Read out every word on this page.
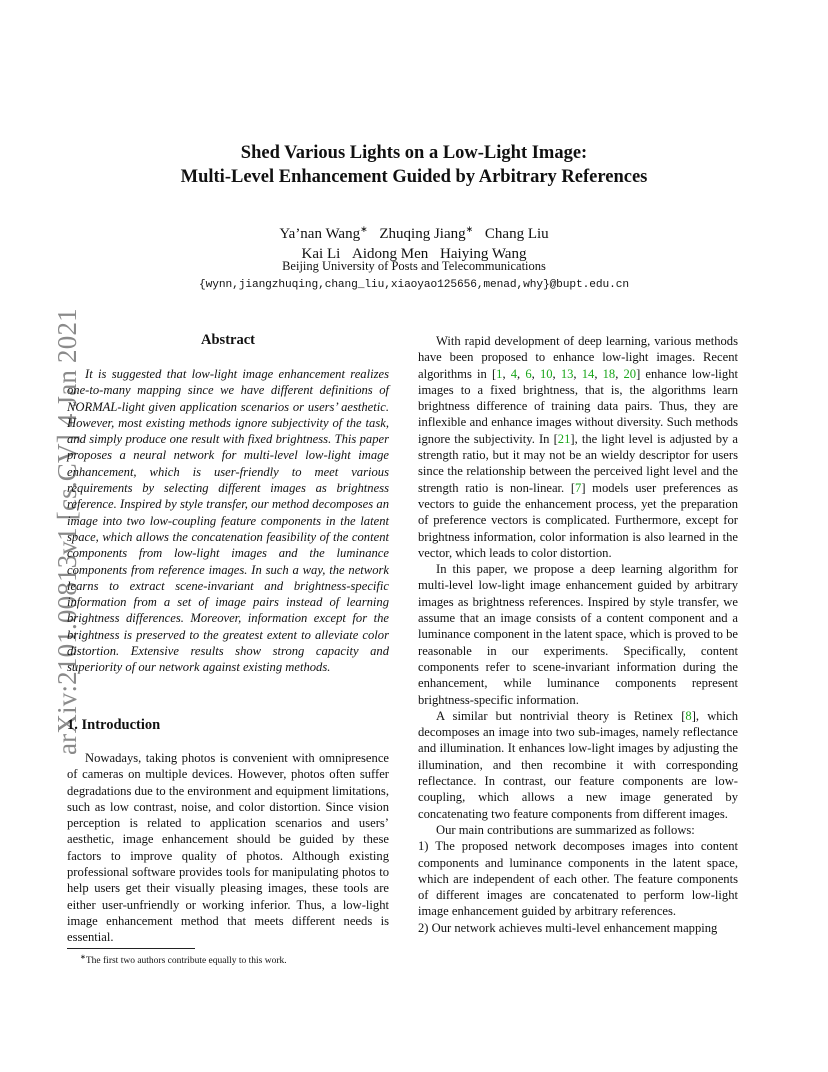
arXiv:2101.00813v1 [cs.CV] 4 Jan 2021
Shed Various Lights on a Low-Light Image:
Multi-Level Enhancement Guided by Arbitrary References
Ya’nan Wang∗ Zhuqing Jiang∗ Chang Liu
Kai Li Aidong Men Haiying Wang
Beijing University of Posts and Telecommunications
{wynn,jiangzhuqing,chang_liu,xiaoyao125656,menad,why}@bupt.edu.cn
Abstract

It is suggested that low-light image enhancement realizes one-to-many mapping since we have different definitions of NORMAL-light given application scenarios or users’ aesthetic. However, most existing methods ignore subjectivity of the task, and simply produce one result with fixed brightness. This paper proposes a neural network for multi-level low-light image enhancement, which is user-friendly to meet various requirements by selecting different images as brightness reference. Inspired by style transfer, our method decomposes an image into two low-coupling feature components in the latent space, which allows the concatenation feasibility of the content components from low-light images and the luminance components from reference images. In such a way, the network learns to extract scene-invariant and brightness-specific information from a set of image pairs instead of learning brightness differences. Moreover, information except for the brightness is preserved to the greatest extent to alleviate color distortion. Extensive results show strong capacity and superiority of our network against existing methods.

1. Introduction

Nowadays, taking photos is convenient with omnipresence of cameras on multiple devices. However, photos often suffer degradations due to the environment and equipment limitations, such as low contrast, noise, and color distortion. Since vision perception is related to application scenarios and users’ aesthetic, image enhancement should be guided by these factors to improve quality of photos. Although existing professional software provides tools for manipulating photos to help users get their visually pleasing images, these tools are either user-unfriendly or working inferior. Thus, a low-light image enhancement method that meets different needs is essential.

∗The first two authors contribute equally to this work.

With rapid development of deep learning, various methods have been proposed to enhance low-light images. Recent algorithms in [1, 4, 6, 10, 13, 14, 18, 20] enhance low-light images to a fixed brightness, that is, the algorithms learn brightness difference of training data pairs. Thus, they are inflexible and enhance images without diversity. Such methods ignore the subjectivity. In [21], the light level is adjusted by a strength ratio, but it may not be an wieldy descriptor for users since the relationship between the perceived light level and the strength ratio is non-linear. [7] models user preferences as vectors to guide the enhancement process, yet the preparation of preference vectors is complicated. Furthermore, except for brightness information, color information is also learned in the vector, which leads to color distortion.

In this paper, we propose a deep learning algorithm for multi-level low-light image enhancement guided by arbitrary images as brightness references. Inspired by style transfer, we assume that an image consists of a content component and a luminance component in the latent space, which is proved to be reasonable in our experiments. Specifically, content components refer to scene-invariant information during the enhancement, while luminance components represent brightness-specific information.

A similar but nontrivial theory is Retinex [8], which decomposes an image into two sub-images, namely reflectance and illumination. It enhances low-light images by adjusting the illumination, and then recombine it with corresponding reflectance. In contrast, our feature components are low-coupling, which allows a new image generated by concatenating two feature components from different images.

Our main contributions are summarized as follows:

1) The proposed network decomposes images into content components and luminance components in the latent space, which are independent of each other. The feature components of different images are concatenated to perform low-light image enhancement guided by arbitrary references.

2) Our network achieves multi-level enhancement mapping
